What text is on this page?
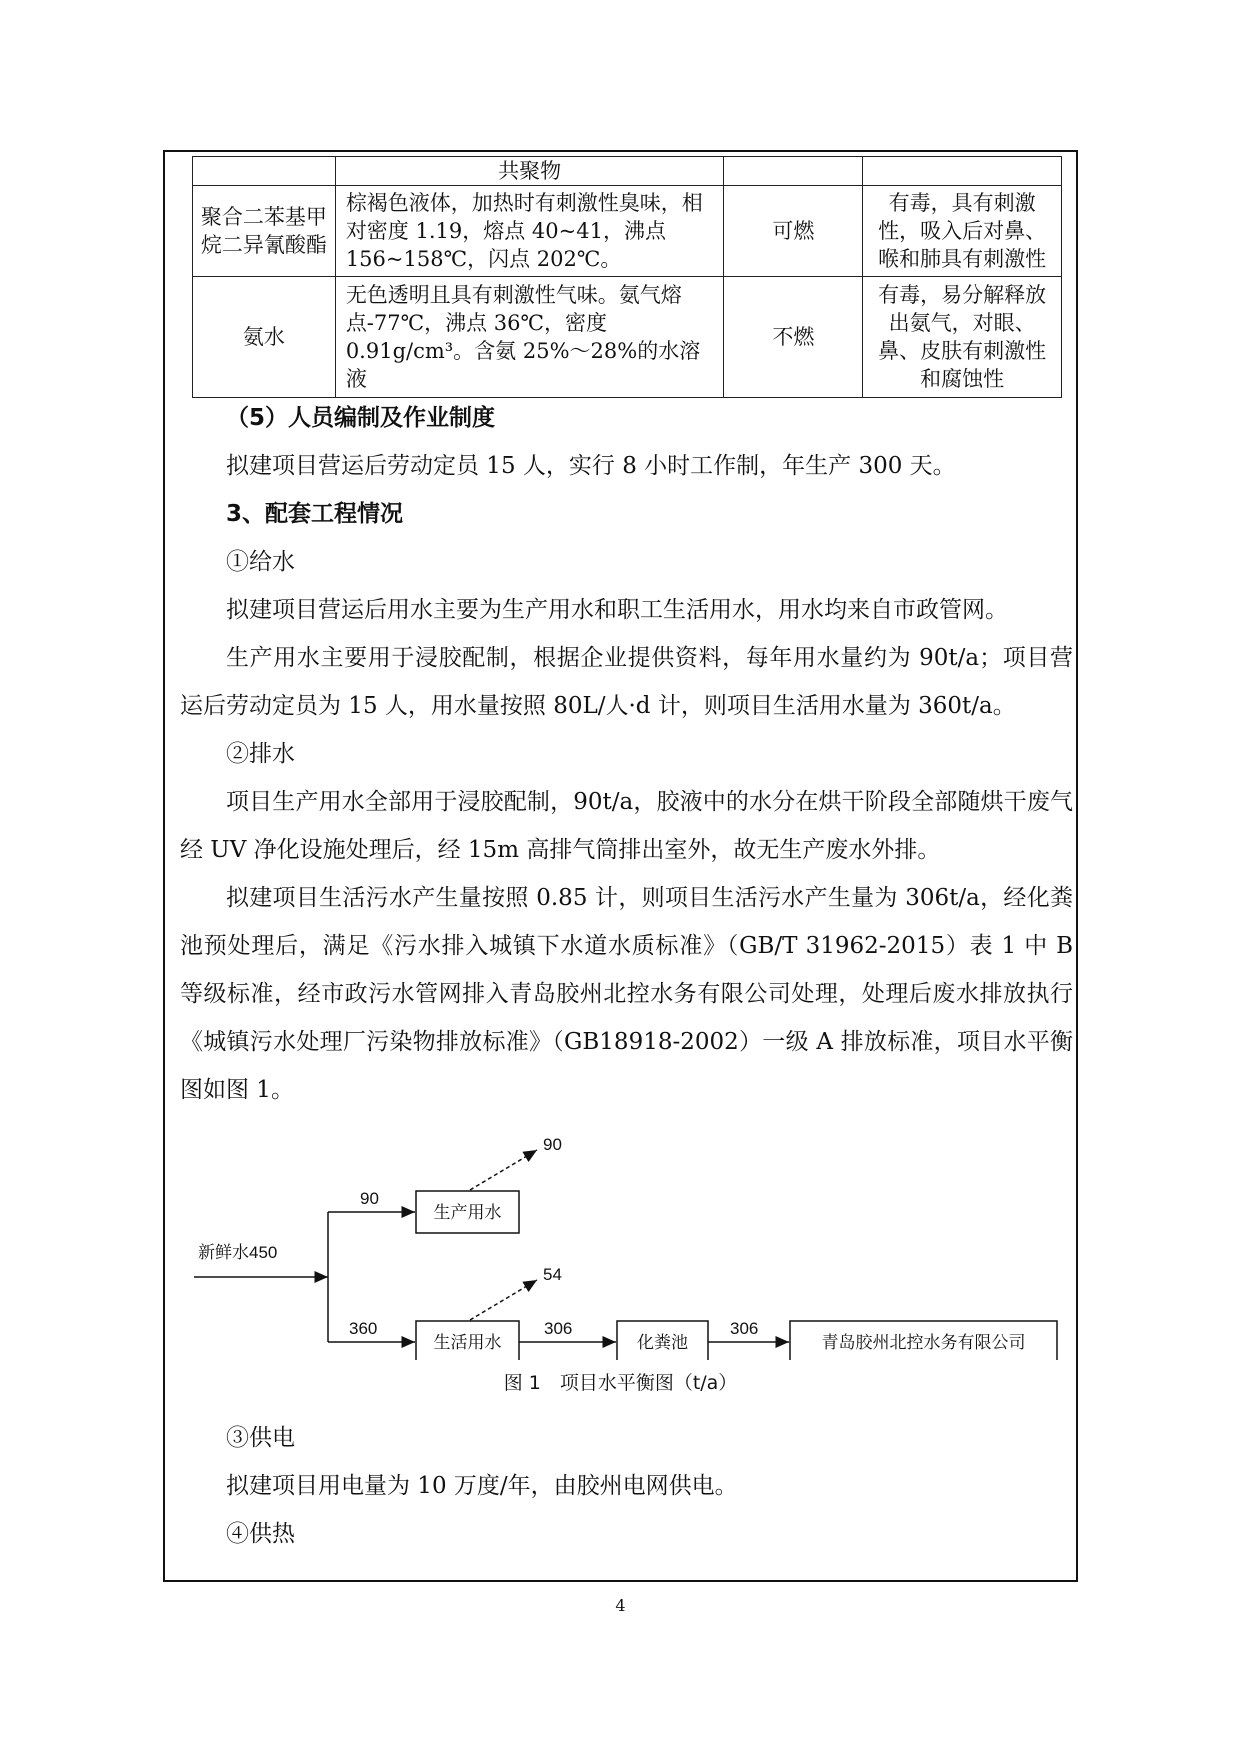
	共聚物		
聚合二苯基甲烷二异氰酸酯	棕褐色液体，加热时有刺激性臭味，相对密度 1.19，熔点 40~41，沸点 156~158℃，闪点 202℃。	可燃	有毒，具有刺激性，吸入后对鼻、喉和肺具有刺激性
氨水	无色透明且具有刺激性气味。氨气熔点-77℃，沸点 36℃，密度 0.91g/cm³。含氨 25%～28%的水溶液	不燃	有毒，易分解释放出氨气，对眼、鼻、皮肤有刺激性和腐蚀性

（5）人员编制及作业制度

拟建项目营运后劳动定员 15 人，实行 8 小时工作制，年生产 300 天。

3、配套工程情况

①给水

拟建项目营运后用水主要为生产用水和职工生活用水，用水均来自市政管网。

生产用水主要用于浸胶配制，根据企业提供资料，每年用水量约为 90t/a；项目营运后劳动定员为 15 人，用水量按照 80L/人·d 计，则项目生活用水量为 360t/a。

②排水

项目生产用水全部用于浸胶配制，90t/a，胶液中的水分在烘干阶段全部随烘干废气经 UV 净化设施处理后，经 15m 高排气筒排出室外，故无生产废水外排。

拟建项目生活污水产生量按照 0.85 计，则项目生活污水产生量为 306t/a，经化粪池预处理后，满足《污水排入城镇下水道水质标准》（GB/T 31962-2015）表 1 中 B 等级标准，经市政污水管网排入青岛胶州北控水务有限公司处理，处理后废水排放执行《城镇污水处理厂污染物排放标准》（GB18918-2002）一级 A 排放标准，项目水平衡图如图 1。

新鲜水450
90
360
90
54
生产用水
生活用水	化粪池	青岛胶州北控水务有限公司
306	306
图 1　项目水平衡图（t/a）

③供电

拟建项目用电量为 10 万度/年，由胶州电网供电。

④供热

4
